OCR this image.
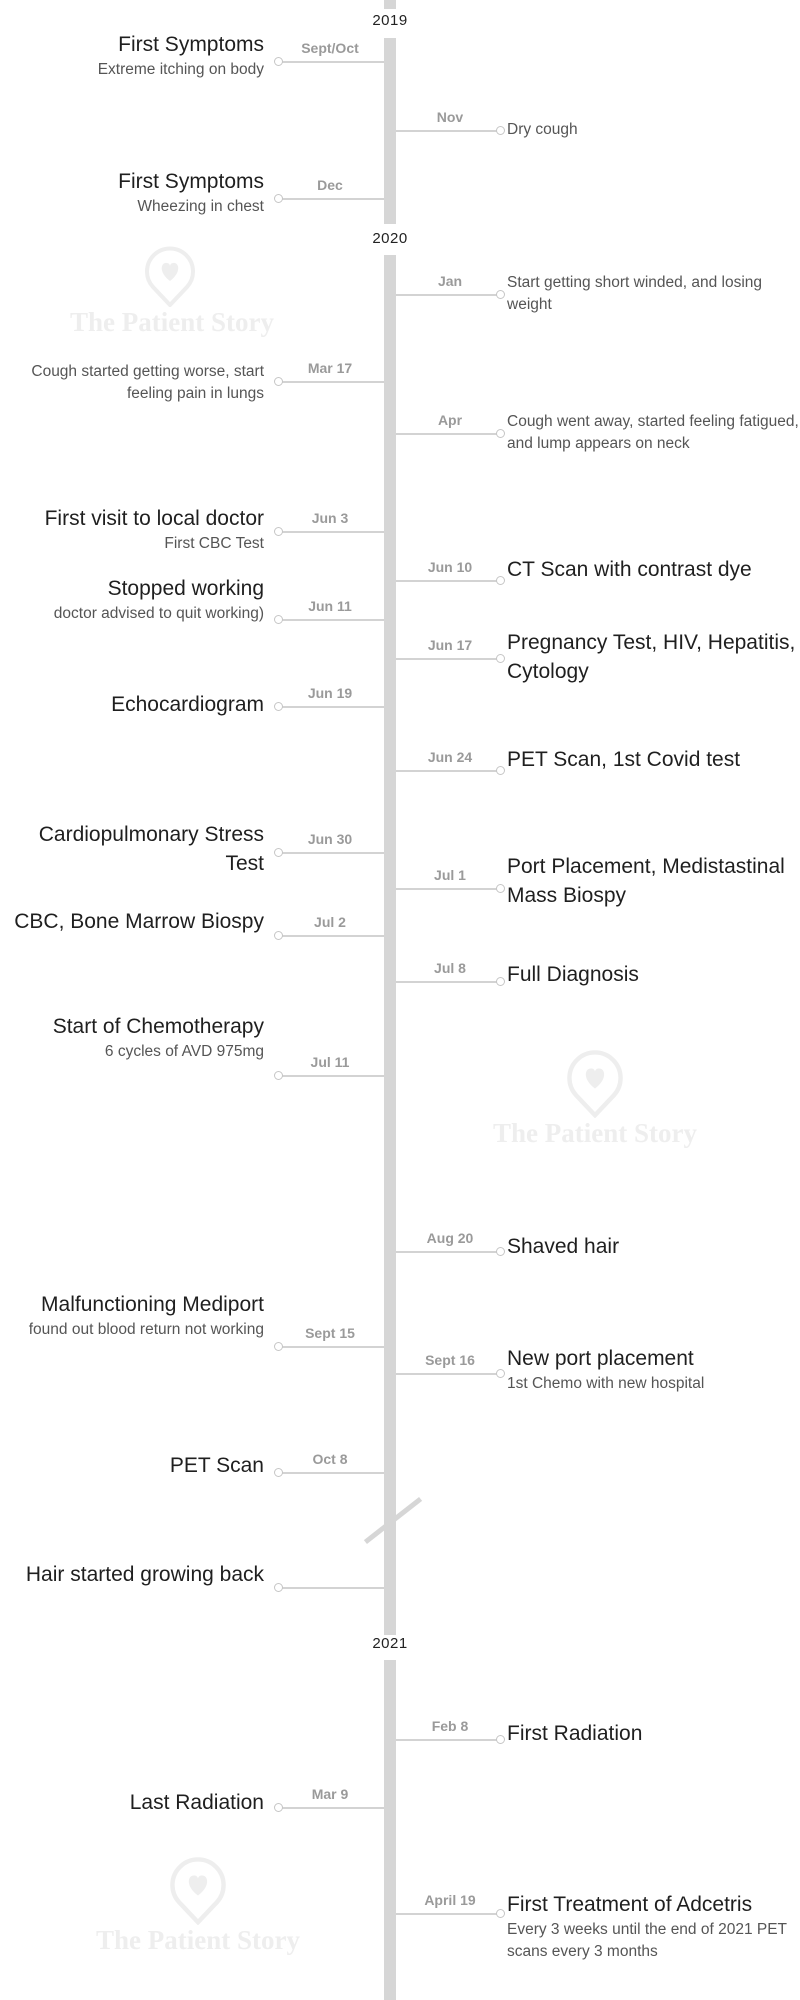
2019
2020
2021
The Patient Story
The Patient Story
The Patient Story
Sept/Oct
First Symptoms
Extreme itching on body
Nov
Dry cough
Dec
First Symptoms
Wheezing in chest
Jan	Start getting short winded, and losing weight
Mar 17
Cough started getting worse, start feeling pain in lungs
Apr	Cough went away, started feeling fatigued, and lump appears on neck
Jun 3
First visit to local doctor
First CBC Test
Jun 10	CT Scan with contrast dye
Jun 11
Stopped working
doctor advised to quit working)
Jun 17	Pregnancy Test, HIV, Hepatitis, Cytology
Jun 19
Echocardiogram
Jun 24	PET Scan, 1st Covid test
Jun 30
Cardiopulmonary Stress Test	Jul 1	Port Placement, Medistastinal Mass Biospy
Jul 2
CBC, Bone Marrow Biospy
Jul 8	Full Diagnosis
Jul 11
Start of Chemotherapy
6 cycles of AVD 975mg
Aug 20	Shaved hair
Sept 15
Malfunctioning Mediport
found out blood return not working
Sept 16	New port placement
1st Chemo with new hospital
Oct 8
PET Scan
Hair started growing back
Feb 8	First Radiation
Mar 9
Last Radiation
April 19	First Treatment of Adcetris
Every 3 weeks until the end of 2021 PET scans every 3 months
